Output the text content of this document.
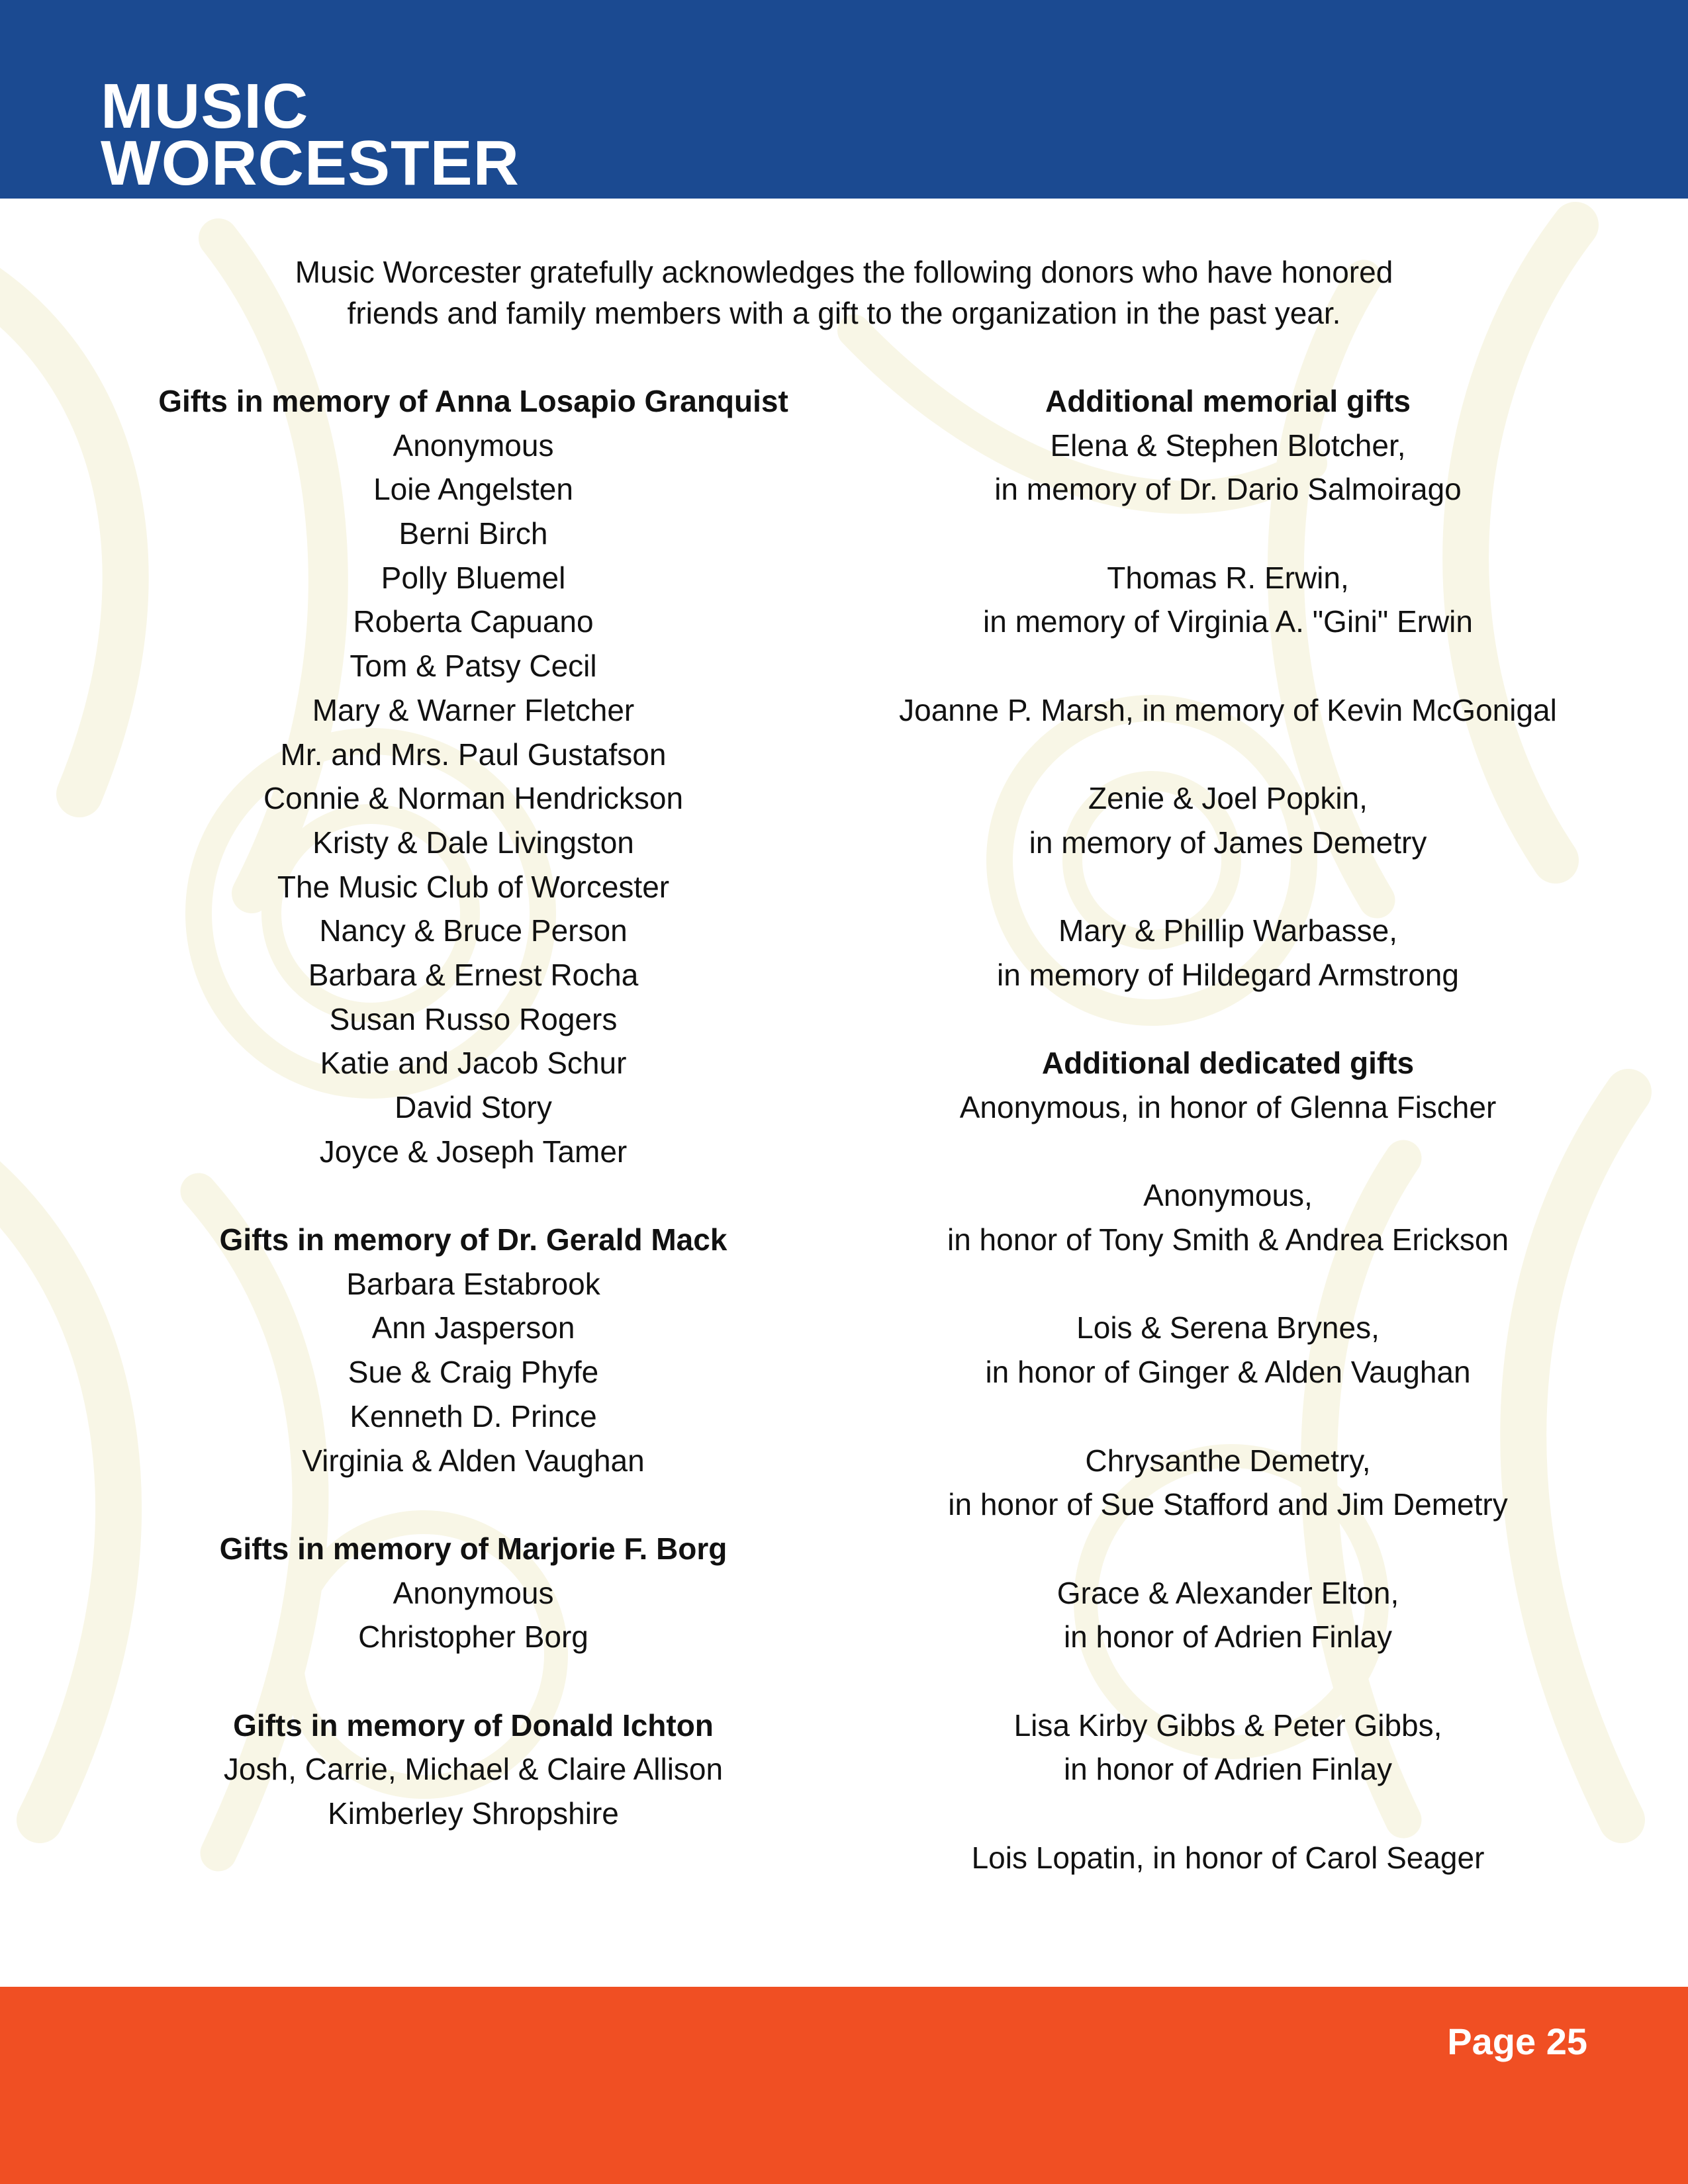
MUSIC
WORCESTER
Music Worcester gratefully acknowledges the following donors who have honored
friends and family members with a gift to the organization in the past year.
Gifts in memory of Anna Losapio Granquist
Anonymous
Loie Angelsten
Berni Birch
Polly Bluemel
Roberta Capuano
Tom & Patsy Cecil
Mary & Warner Fletcher
Mr. and Mrs. Paul Gustafson
Connie & Norman Hendrickson
Kristy & Dale Livingston
The Music Club of Worcester
Nancy & Bruce Person
Barbara & Ernest Rocha
Susan Russo Rogers
Katie and Jacob Schur
David Story
Joyce & Joseph Tamer
Gifts in memory of Dr. Gerald Mack
Barbara Estabrook
Ann Jasperson
Sue & Craig Phyfe
Kenneth D. Prince
Virginia & Alden Vaughan
Gifts in memory of Marjorie F. Borg
Anonymous
Christopher Borg
Gifts in memory of Donald Ichton
Josh, Carrie, Michael & Claire Allison
Kimberley Shropshire
Additional memorial gifts
Elena & Stephen Blotcher,
in memory of Dr. Dario Salmoirago
Thomas R. Erwin,
in memory of Virginia A. "Gini" Erwin
Joanne P. Marsh, in memory of Kevin McGonigal
Zenie & Joel Popkin,
in memory of James Demetry
Mary & Phillip Warbasse,
in memory of Hildegard Armstrong
Additional dedicated gifts
Anonymous, in honor of Glenna Fischer
Anonymous,
in honor of Tony Smith & Andrea Erickson
Lois & Serena Brynes,
in honor of Ginger & Alden Vaughan
Chrysanthe Demetry,
in honor of Sue Stafford and Jim Demetry
Grace & Alexander Elton,
in honor of Adrien Finlay
Lisa Kirby Gibbs & Peter Gibbs,
in honor of Adrien Finlay
Lois Lopatin, in honor of Carol Seager
Page 25
